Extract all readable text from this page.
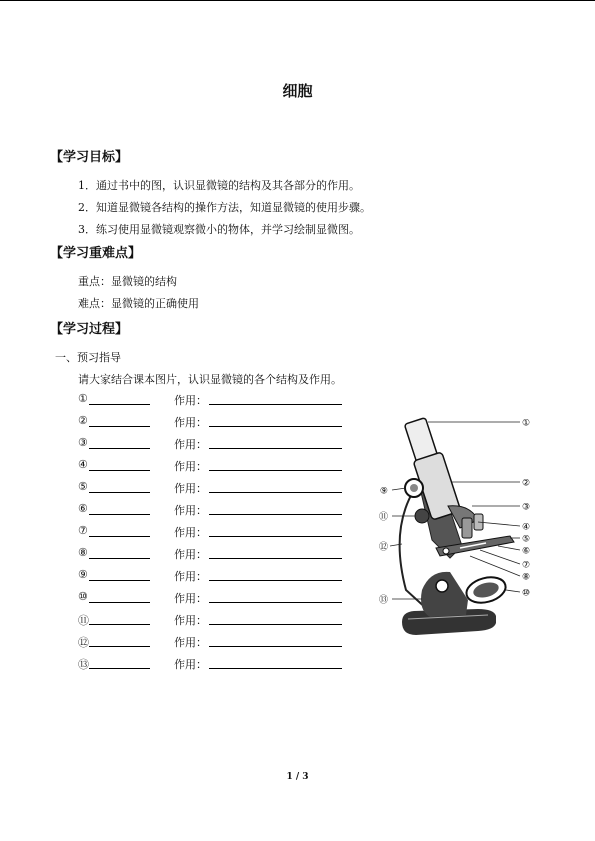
细胞
【学习目标】
1．通过书中的图，认识显微镜的结构及其各部分的作用。
2．知道显微镜各结构的操作方法，知道显微镜的使用步骤。
3．练习使用显微镜观察微小的物体，并学习绘制显微图。
【学习重难点】
重点：显微镜的结构
难点：显微镜的正确使用
【学习过程】
一、预习指导
请大家结合课本图片，认识显微镜的各个结构及作用。
①	作用：
②	作用：
③	作用：
④	作用：
⑤	作用：
⑥	作用：
⑦	作用：
⑧	作用：
⑨	作用：
⑩	作用：
⑪	作用：
⑫	作用：
⑬	作用：
①
②
③
④
⑤
⑥
⑦
⑧
⑩
⑨
⑪
⑫
⑬
1 / 3
